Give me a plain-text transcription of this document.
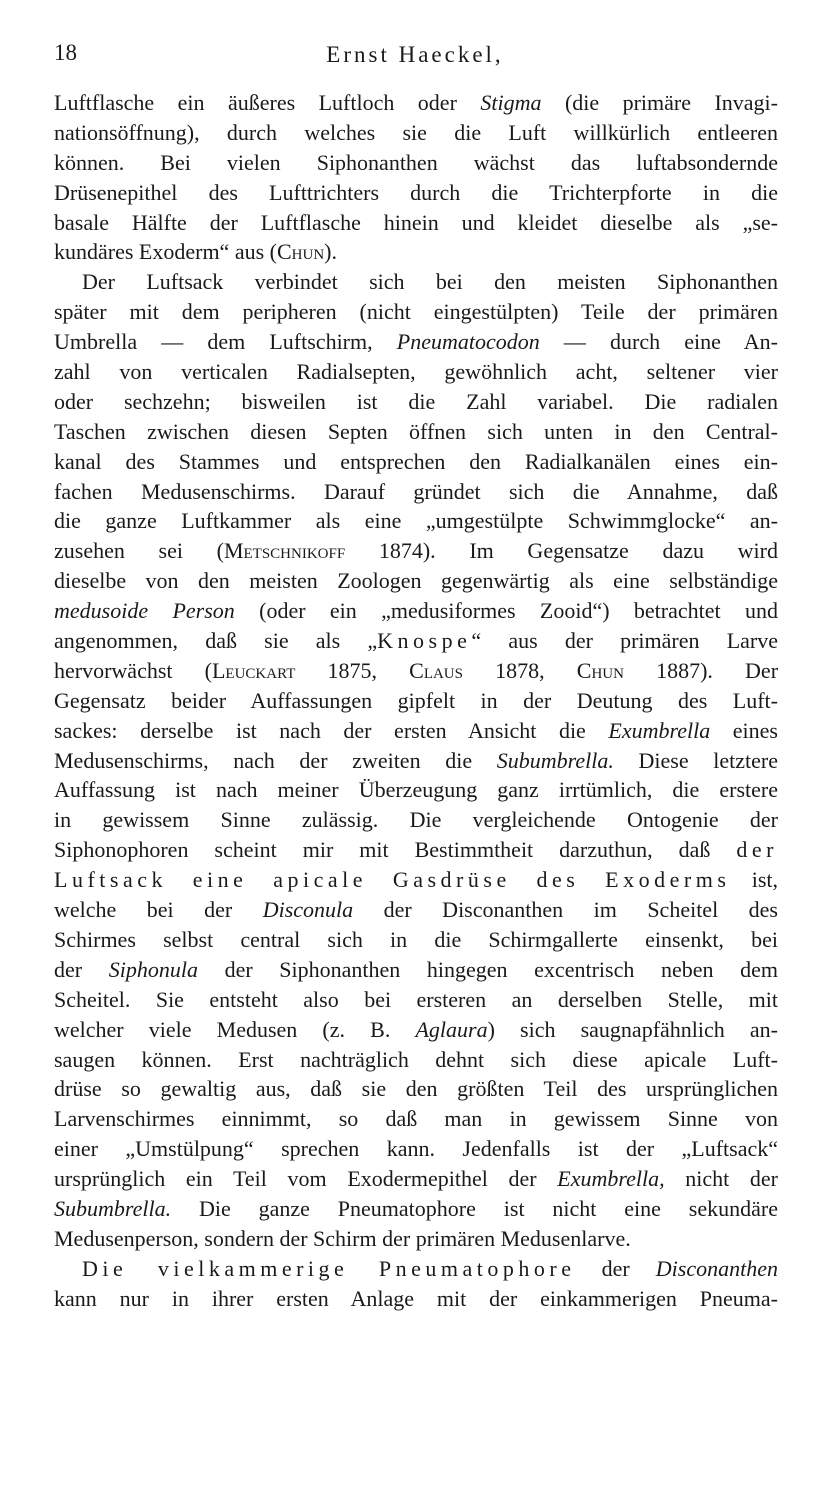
18	Ernst Haeckel,
Luftflasche ein äußeres Luftloch oder Stigma (die primäre Invagi-
nationsöffnung), durch welches sie die Luft willkürlich entleeren
können. Bei vielen Siphonanthen wächst das luftabsondernde
Drüsenepithel des Lufttrichters durch die Trichterpforte in die
basale Hälfte der Luftflasche hinein und kleidet dieselbe als „se-
kundäres Exoderm“ aus (Chun).
Der Luftsack verbindet sich bei den meisten Siphonanthen
später mit dem peripheren (nicht eingestülpten) Teile der primären
Umbrella — dem Luftschirm, Pneumatocodon — durch eine An-
zahl von verticalen Radialsepten, gewöhnlich acht, seltener vier
oder sechzehn; bisweilen ist die Zahl variabel. Die radialen
Taschen zwischen diesen Septen öffnen sich unten in den Central-
kanal des Stammes und entsprechen den Radialkanälen eines ein-
fachen Medusenschirms. Darauf gründet sich die Annahme, daß
die ganze Luftkammer als eine „umgestülpte Schwimmglocke“ an-
zusehen sei (Metschnikoff 1874). Im Gegensatze dazu wird
dieselbe von den meisten Zoologen gegenwärtig als eine selbständige
medusoide Person (oder ein „medusiformes Zooid“) betrachtet und
angenommen, daß sie als „Knospe“ aus der primären Larve
hervorwächst (Leuckart 1875, Claus 1878, Chun 1887). Der
Gegensatz beider Auffassungen gipfelt in der Deutung des Luft-
sackes: derselbe ist nach der ersten Ansicht die Exumbrella eines
Medusenschirms, nach der zweiten die Subumbrella. Diese letztere
Auffassung ist nach meiner Überzeugung ganz irrtümlich, die erstere
in gewissem Sinne zulässig. Die vergleichende Ontogenie der
Siphonophoren scheint mir mit Bestimmtheit darzuthun, daß der
Luftsack eine apicale Gasdrüse des Exoderms ist,
welche bei der Disconula der Disconanthen im Scheitel des
Schirmes selbst central sich in die Schirmgallerte einsenkt, bei
der Siphonula der Siphonanthen hingegen excentrisch neben dem
Scheitel. Sie entsteht also bei ersteren an derselben Stelle, mit
welcher viele Medusen (z. B. Aglaura) sich saugnapfähnlich an-
saugen können. Erst nachträglich dehnt sich diese apicale Luft-
drüse so gewaltig aus, daß sie den größten Teil des ursprünglichen
Larvenschirmes einnimmt, so daß man in gewissem Sinne von
einer „Umstülpung“ sprechen kann. Jedenfalls ist der „Luftsack“
ursprünglich ein Teil vom Exodermepithel der Exumbrella, nicht der
Subumbrella. Die ganze Pneumatophore ist nicht eine sekundäre
Medusenperson, sondern der Schirm der primären Medusenlarve.
Die vielkammerige Pneumatophore der Disconanthen
kann nur in ihrer ersten Anlage mit der einkammerigen Pneuma-
